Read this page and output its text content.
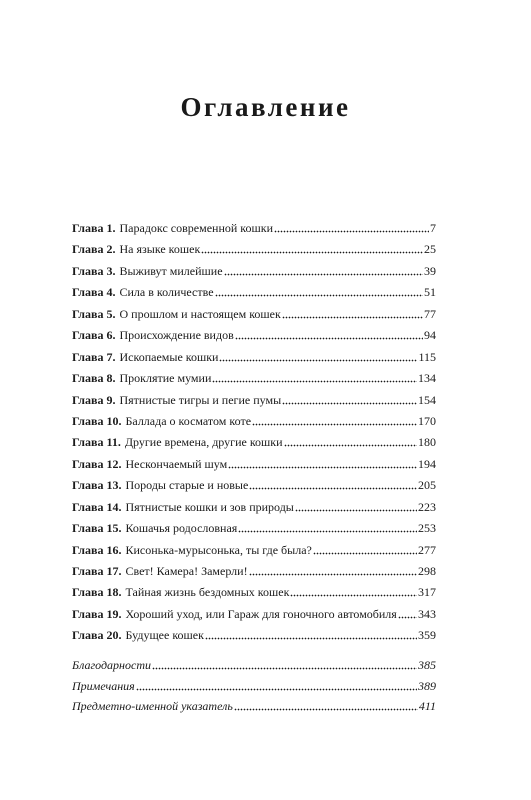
Оглавление
Глава 1. Парадокс современной кошки	7
Глава 2. На языке кошек	25
Глава 3. Выживут милейшие	39
Глава 4. Сила в количестве	51
Глава 5. О прошлом и настоящем кошек	77
Глава 6. Происхождение видов	94
Глава 7. Ископаемые кошки	115
Глава 8. Проклятие мумии	134
Глава 9. Пятнистые тигры и пегие пумы	154
Глава 10. Баллада о косматом коте	170
Глава 11. Другие времена, другие кошки	180
Глава 12. Нескончаемый шум	194
Глава 13. Породы старые и новые	205
Глава 14. Пятнистые кошки и зов природы	223
Глава 15. Кошачья родословная	253
Глава 16. Кисонька-мурысонька, ты где была?	277
Глава 17. Свет! Камера! Замерли!	298
Глава 18. Тайная жизнь бездомных кошек	317
Глава 19. Хороший уход, или Гараж для гоночного автомобиля 343
Глава 20. Будущее кошек	359
Благодарности	385
Примечания	389
Предметно-именной указатель	411
